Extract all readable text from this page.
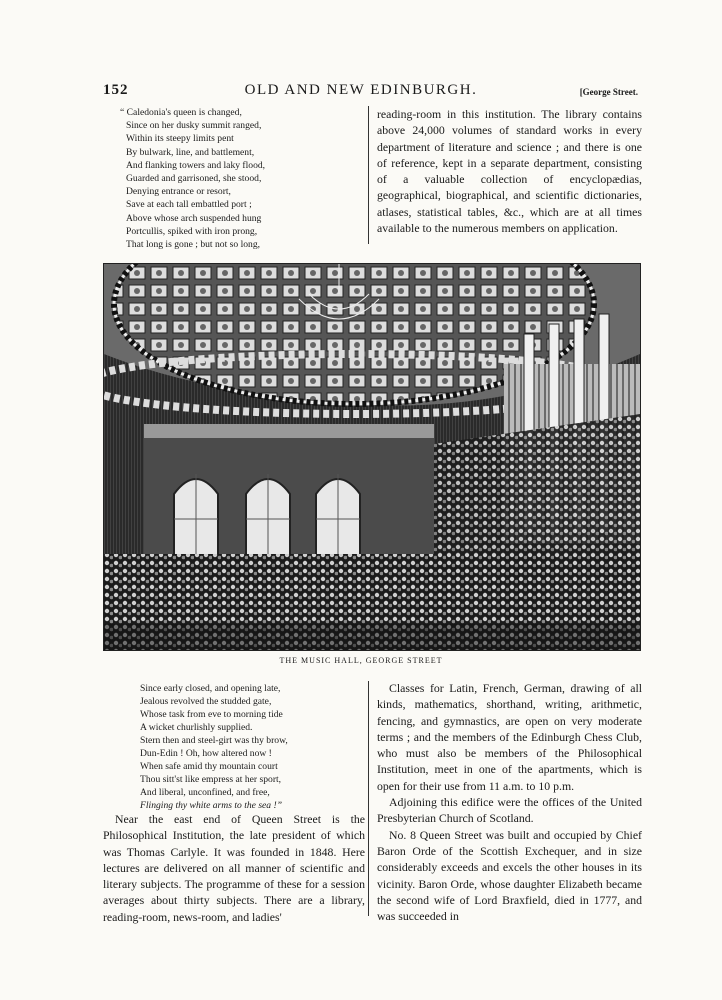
152	OLD AND NEW EDINBURGH.	[George Street.
“ Caledonia's queen is changed,
Since on her dusky summit ranged,
Within its steepy limits pent
By bulwark, line, and battlement,
And flanking towers and laky flood,
Guarded and garrisoned, she stood,
Denying entrance or resort,
Save at each tall embattled port ;
Above whose arch suspended hung
Portcullis, spiked with iron prong,
That long is gone ; but not so long,
reading-room in this institution. The library contains above 24,000 volumes of standard works in every department of literature and science ; and there is one of reference, kept in a separate department, consisting of a valuable collection of encyclopædias, geographical, biographical, and scientific dictionaries, atlases, statistical tables, &c., which are at all times available to the numerous members on application.
THE MUSIC HALL, GEORGE STREET
Since early closed, and opening late,
Jealous revolved the studded gate,
Whose task from eve to morning tide
A wicket churlishly supplied.
Stern then and steel-girt was thy brow,
Dun-Edin ! Oh, how altered now !
When safe amid thy mountain court
Thou sitt'st like empress at her sport,
And liberal, unconfined, and free,
Flinging thy white arms to the sea !”
Near the east end of Queen Street is the Philosophical Institution, the late president of which was Thomas Carlyle. It was founded in 1848. Here lectures are delivered on all manner of scientific and literary subjects. The programme of these for a session averages about thirty subjects. There are a library, reading-room, news-room, and ladies'

Classes for Latin, French, German, drawing of all kinds, mathematics, shorthand, writing, arithmetic, fencing, and gymnastics, are open on very moderate terms ; and the members of the Edinburgh Chess Club, who must also be members of the Philosophical Institution, meet in one of the apartments, which is open for their use from 11 a.m. to 10 p.m.

Adjoining this edifice were the offices of the United Presbyterian Church of Scotland.

No. 8 Queen Street was built and occupied by Chief Baron Orde of the Scottish Exchequer, and in size considerably exceeds and excels the other houses in its vicinity. Baron Orde, whose daughter Elizabeth became the second wife of Lord Braxfield, died in 1777, and was succeeded in
